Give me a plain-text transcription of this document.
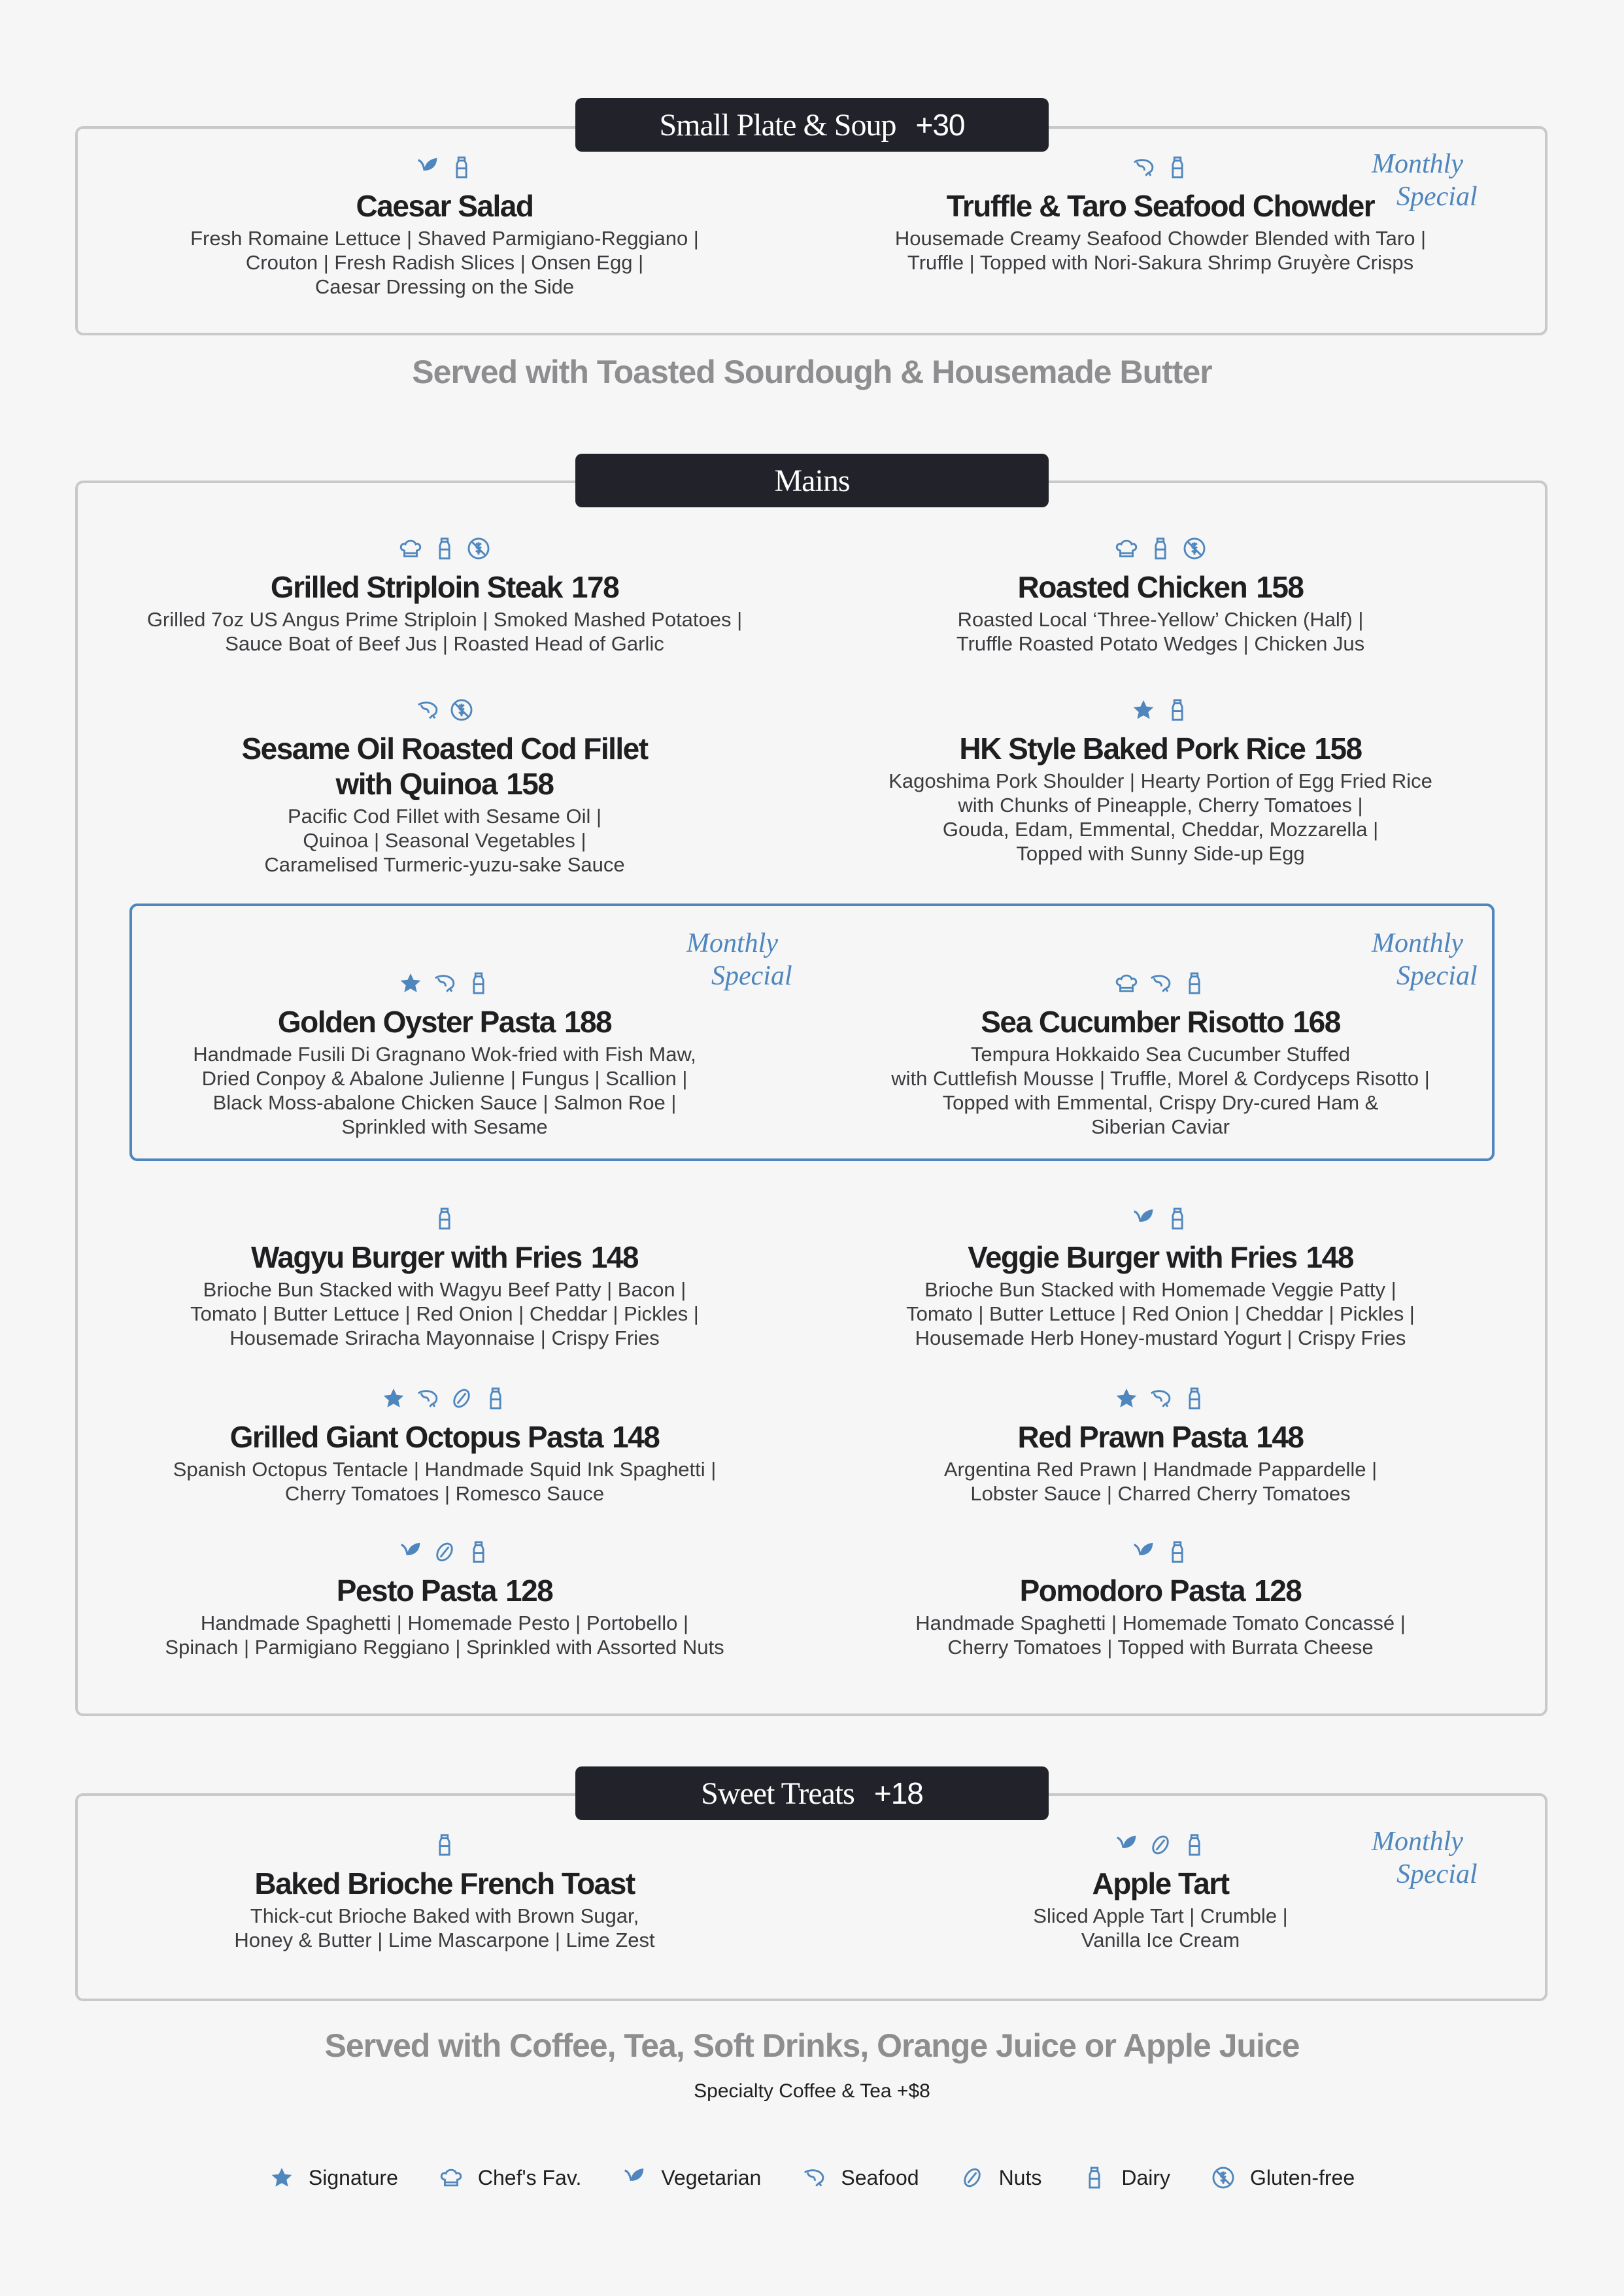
Small Plate & Soup +30
Caesar Salad
Fresh Romaine Lettuce | Shaved Parmigiano-Reggiano |
Crouton | Fresh Radish Slices | Onsen Egg |
Caesar Dressing on the Side
Truffle & Taro Seafood Chowder
Housemade Creamy Seafood Chowder Blended with Taro |
Truffle | Topped with Nori-Sakura Shrimp Gruyère Crisps
Monthly
Special
Served with Toasted Sourdough & Housemade Butter
Mains
Grilled Striploin Steak 178
Grilled 7oz US Angus Prime Striploin | Smoked Mashed Potatoes |
Sauce Boat of Beef Jus | Roasted Head of Garlic
Roasted Chicken 158
Roasted Local ‘Three-Yellow’ Chicken (Half) |
Truffle Roasted Potato Wedges | Chicken Jus
Sesame Oil Roasted Cod Fillet
with Quinoa 158
Pacific Cod Fillet with Sesame Oil |
Quinoa | Seasonal Vegetables |
Caramelised Turmeric-yuzu-sake Sauce
HK Style Baked Pork Rice 158
Kagoshima Pork Shoulder | Hearty Portion of Egg Fried Rice
with Chunks of Pineapple, Cherry Tomatoes |
Gouda, Edam, Emmental, Cheddar, Mozzarella |
Topped with Sunny Side-up Egg
Monthly
Special
Monthly
Special
Golden Oyster Pasta 188
Handmade Fusili Di Gragnano Wok-fried with Fish Maw,
Dried Conpoy & Abalone Julienne | Fungus | Scallion |
Black Moss-abalone Chicken Sauce | Salmon Roe |
Sprinkled with Sesame
Sea Cucumber Risotto 168
Tempura Hokkaido Sea Cucumber Stuffed
with Cuttlefish Mousse | Truffle, Morel & Cordyceps Risotto |
Topped with Emmental, Crispy Dry-cured Ham &
Siberian Caviar
Wagyu Burger with Fries 148
Brioche Bun Stacked with Wagyu Beef Patty | Bacon |
Tomato | Butter Lettuce | Red Onion | Cheddar | Pickles |
Housemade Sriracha Mayonnaise | Crispy Fries
Veggie Burger with Fries 148
Brioche Bun Stacked with Homemade Veggie Patty |
Tomato | Butter Lettuce | Red Onion | Cheddar | Pickles |
Housemade Herb Honey-mustard Yogurt | Crispy Fries
Grilled Giant Octopus Pasta 148
Spanish Octopus Tentacle | Handmade Squid Ink Spaghetti |
Cherry Tomatoes | Romesco Sauce
Red Prawn Pasta 148
Argentina Red Prawn | Handmade Pappardelle |
Lobster Sauce | Charred Cherry Tomatoes
Pesto Pasta 128
Handmade Spaghetti | Homemade Pesto | Portobello |
Spinach | Parmigiano Reggiano | Sprinkled with Assorted Nuts
Pomodoro Pasta 128
Handmade Spaghetti | Homemade Tomato Concassé |
Cherry Tomatoes | Topped with Burrata Cheese
Sweet Treats +18
Baked Brioche French Toast
Thick-cut Brioche Baked with Brown Sugar,
Honey & Butter | Lime Mascarpone | Lime Zest
Apple Tart
Sliced Apple Tart | Crumble |
Vanilla Ice Cream
Monthly
Special
Served with Coffee, Tea, Soft Drinks, Orange Juice or Apple Juice
Specialty Coffee & Tea +$8
Signature	Chef's Fav.	Vegetarian	Seafood	Nuts	Dairy	Gluten-free
